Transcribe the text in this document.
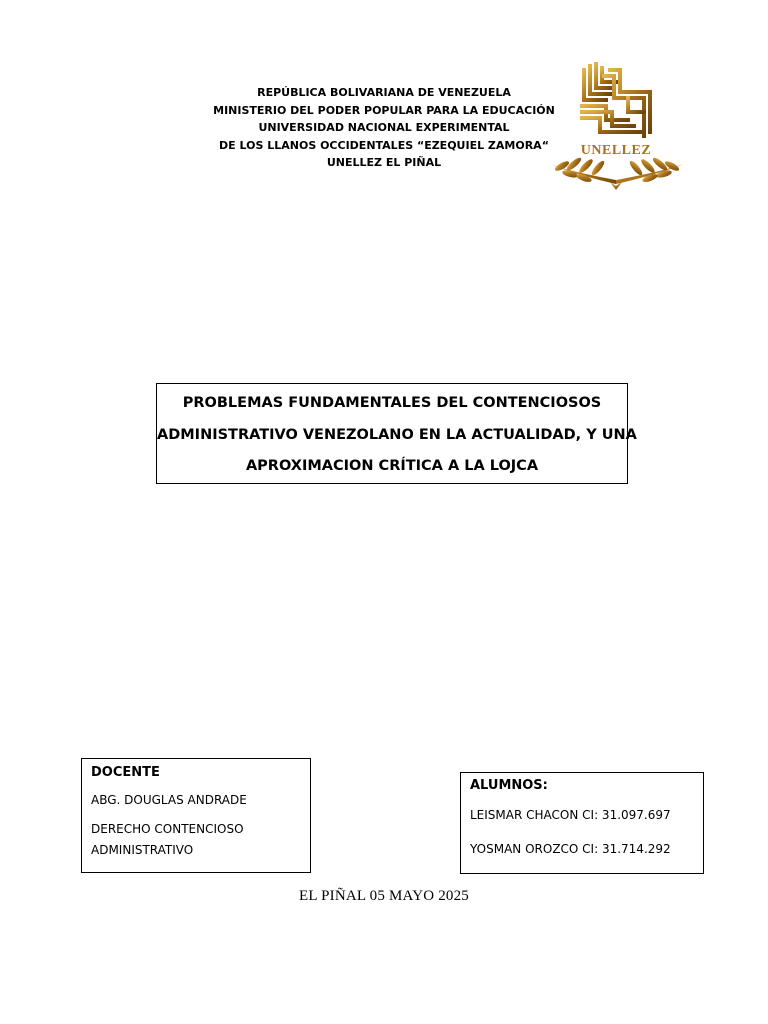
REPÚBLICA BOLIVARIANA DE VENEZUELA
MINISTERIO DEL PODER POPULAR PARA LA EDUCACIÓN
UNIVERSIDAD NACIONAL EXPERIMENTAL
DE LOS LLANOS OCCIDENTALES “EZEQUIEL ZAMORA“
UNELLEZ EL PIÑAL
UNELLEZ
PROBLEMAS FUNDAMENTALES DEL CONTENCIOSOS
ADMINISTRATIVO VENEZOLANO EN LA ACTUALIDAD, Y UNA
APROXIMACION CRÍTICA A LA LOJCA
DOCENTE
ABG. DOUGLAS ANDRADE
DERECHO CONTENCIOSO
ADMINISTRATIVO
ALUMNOS:
LEISMAR CHACON CI: 31.097.697
YOSMAN OROZCO CI: 31.714.292
EL PIÑAL 05 MAYO 2025
